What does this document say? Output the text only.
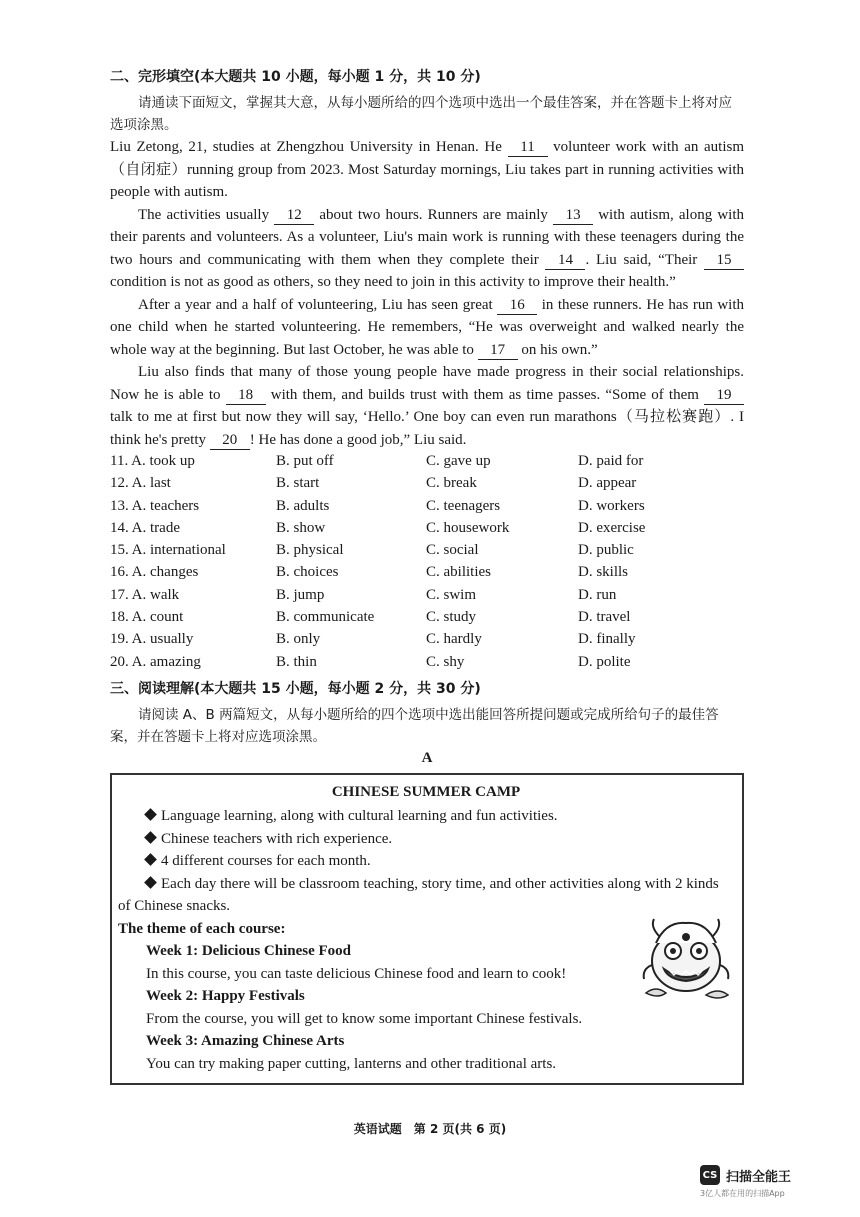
二、完形填空(本大题共 10 小题，每小题 1 分，共 10 分)

请通读下面短文，掌握其大意，从每小题所给的四个选项中选出一个最佳答案，并在答题卡上将对应选项涂黑。

Liu Zetong, 21, studies at Zhengzhou University in Henan. He 11 volunteer work with an autism（自闭症）running group from 2023. Most Saturday mornings, Liu takes part in running activities with people with autism.

The activities usually 12 about two hours. Runners are mainly 13 with autism, along with their parents and volunteers. As a volunteer, Liu's main work is running with these teenagers during the two hours and communicating with them when they complete their 14 . Liu said, “Their 15 condition is not as good as others, so they need to join in this activity to improve their health.”

After a year and a half of volunteering, Liu has seen great 16 in these runners. He has run with one child when he started volunteering. He remembers, “He was overweight and walked nearly the whole way at the beginning. But last October, he was able to 17 on his own.”

Liu also finds that many of those young people have made progress in their social relationships. Now he is able to 18 with them, and builds trust with them as time passes. “Some of them 19 talk to me at first but now they will say, ‘Hello.’ One boy can even run marathons（马拉松赛跑）. I think he's pretty 20 ! He has done a good job,” Liu said.

11. A. took up	B. put off	C. gave up	D. paid for
12. A. last	B. start	C. break	D. appear
13. A. teachers	B. adults	C. teenagers	D. workers
14. A. trade	B. show	C. housework	D. exercise
15. A. international	B. physical	C. social	D. public
16. A. changes	B. choices	C. abilities	D. skills
17. A. walk	B. jump	C. swim	D. run
18. A. count	B. communicate	C. study	D. travel
19. A. usually	B. only	C. hardly	D. finally
20. A. amazing	B. thin	C. shy	D. polite

三、阅读理解(本大题共 15 小题，每小题 2 分，共 30 分)

请阅读 A、B 两篇短文，从每小题所给的四个选项中选出能回答所提问题或完成所给句子的最佳答案，并在答题卡上将对应选项涂黑。

A

CHINESE SUMMER CAMP

Language learning, along with cultural learning and fun activities.

Chinese teachers with rich experience.

4 different courses for each month.

Each day there will be classroom teaching, story time, and other activities along with 2 kinds of Chinese snacks.

The theme of each course:

Week 1: Delicious Chinese Food

In this course, you can taste delicious Chinese food and learn to cook!

Week 2: Happy Festivals

From the course, you will get to know some important Chinese festivals.

Week 3: Amazing Chinese Arts

You can try making paper cutting, lanterns and other traditional arts.

英语试题　第 2 页(共 6 页)
CS 扫描全能王
3亿人都在用的扫描App
